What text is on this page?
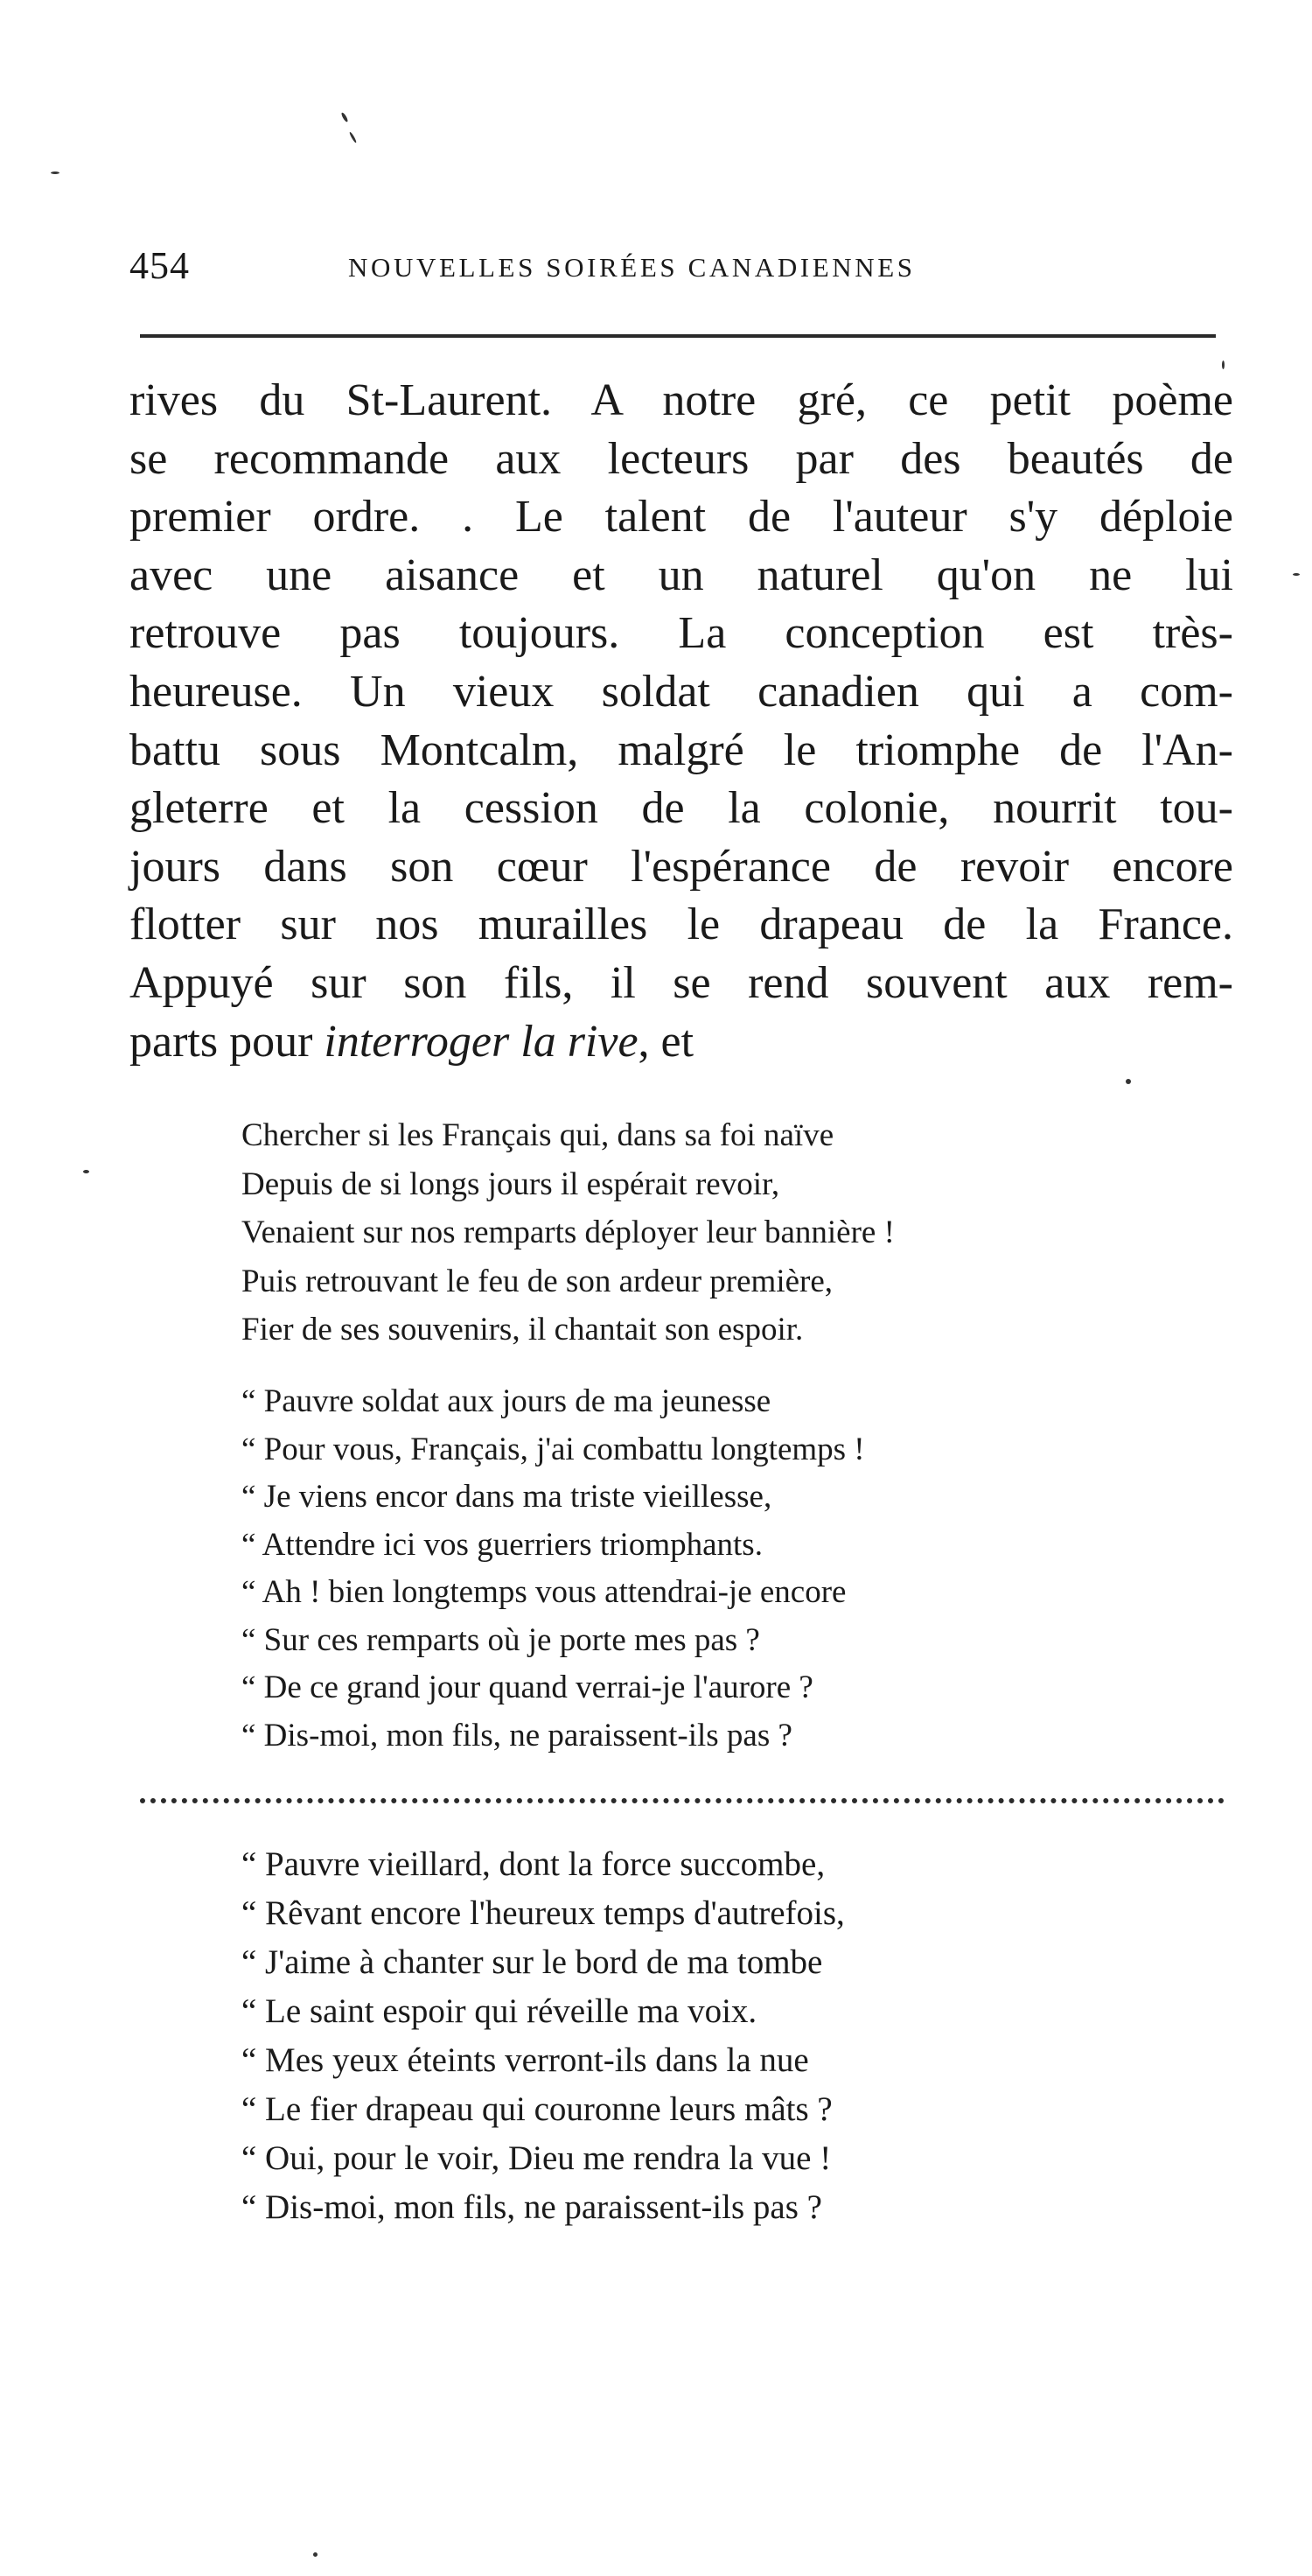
454	NOUVELLES SOIRÉES CANADIENNES
rives du St-Laurent. A notre gré, ce petit poème
se recommande aux lecteurs par des beautés de
premier ordre. . Le talent de l'auteur s'y déploie
avec une aisance et un naturel qu'on ne lui
retrouve pas toujours. La conception est très-
heureuse. Un vieux soldat canadien qui a com-
battu sous Montcalm, malgré le triomphe de l'An-
gleterre et la cession de la colonie, nourrit tou-
jours dans son cœur l'espérance de revoir encore
flotter sur nos murailles le drapeau de la France.
Appuyé sur son fils, il se rend souvent aux rem-
parts pour interroger la rive, et
Chercher si les Français qui, dans sa foi naïve
Depuis de si longs jours il espérait revoir,
Venaient sur nos remparts déployer leur bannière !
Puis retrouvant le feu de son ardeur première,
Fier de ses souvenirs, il chantait son espoir.
“ Pauvre soldat aux jours de ma jeunesse
“ Pour vous, Français, j'ai combattu longtemps !
“ Je viens encor dans ma triste vieillesse,
“ Attendre ici vos guerriers triomphants.
“ Ah ! bien longtemps vous attendrai-je encore
“ Sur ces remparts où je porte mes pas ?
“ De ce grand jour quand verrai-je l'aurore ?
“ Dis-moi, mon fils, ne paraissent-ils pas ?
“ Pauvre vieillard, dont la force succombe,
“ Rêvant encore l'heureux temps d'autrefois,
“ J'aime à chanter sur le bord de ma tombe
“ Le saint espoir qui réveille ma voix.
“ Mes yeux éteints verront-ils dans la nue
“ Le fier drapeau qui couronne leurs mâts ?
“ Oui, pour le voir, Dieu me rendra la vue !
“ Dis-moi, mon fils, ne paraissent-ils pas ?
